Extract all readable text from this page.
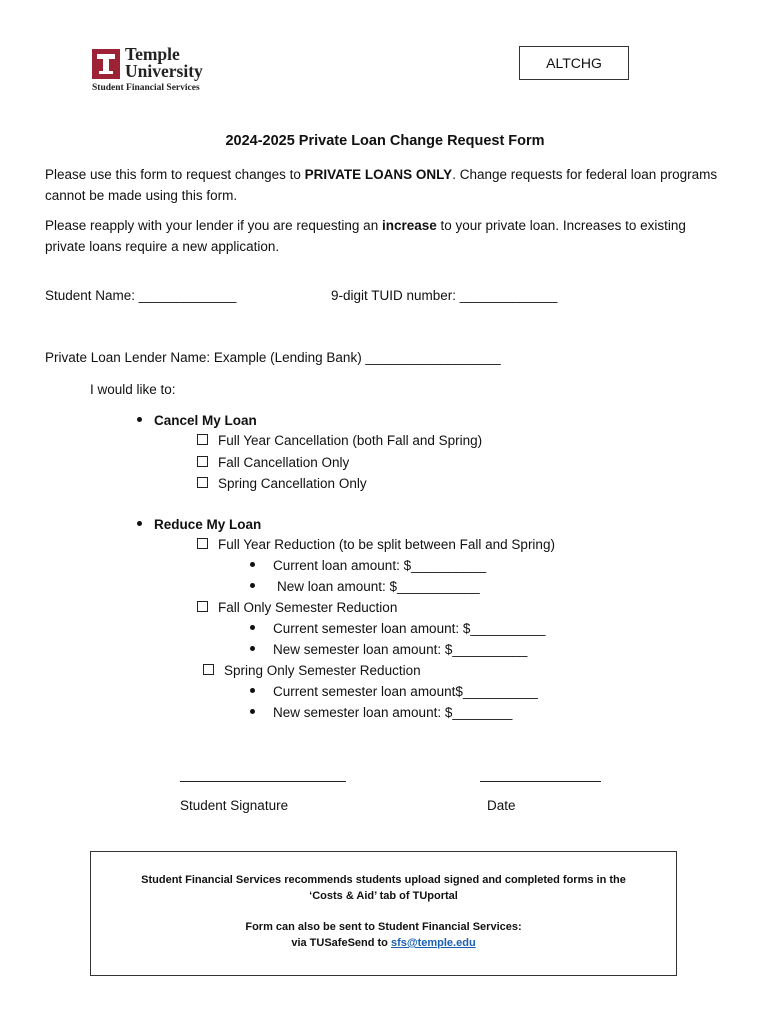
Temple
University
Student Financial Services
ALTCHG
2024-2025 Private Loan Change Request Form
Please use this form to request changes to PRIVATE LOANS ONLY. Change requests for federal loan programs cannot be made using this form.
Please reapply with your lender if you are requesting an increase to your private loan. Increases to existing private loans require a new application.
Student Name: _____________	9-digit TUID number: _____________
Private Loan Lender Name: Example (Lending Bank) __________________
I would like to:
Cancel My Loan
Full Year Cancellation (both Fall and Spring)
Fall Cancellation Only
Spring Cancellation Only
Reduce My Loan
Full Year Reduction (to be split between Fall and Spring)
Current loan amount: $__________
New loan amount: $___________
Fall Only Semester Reduction
Current semester loan amount: $__________
New semester loan amount: $__________
Spring Only Semester Reduction
Current semester loan amount$__________
New semester loan amount: $________
Student Signature	Date

Student Financial Services recommends students upload signed and completed forms in the

‘Costs & Aid’ tab of TUportal

Form can also be sent to Student Financial Services:

via TUSafeSend to sfs@temple.edu
